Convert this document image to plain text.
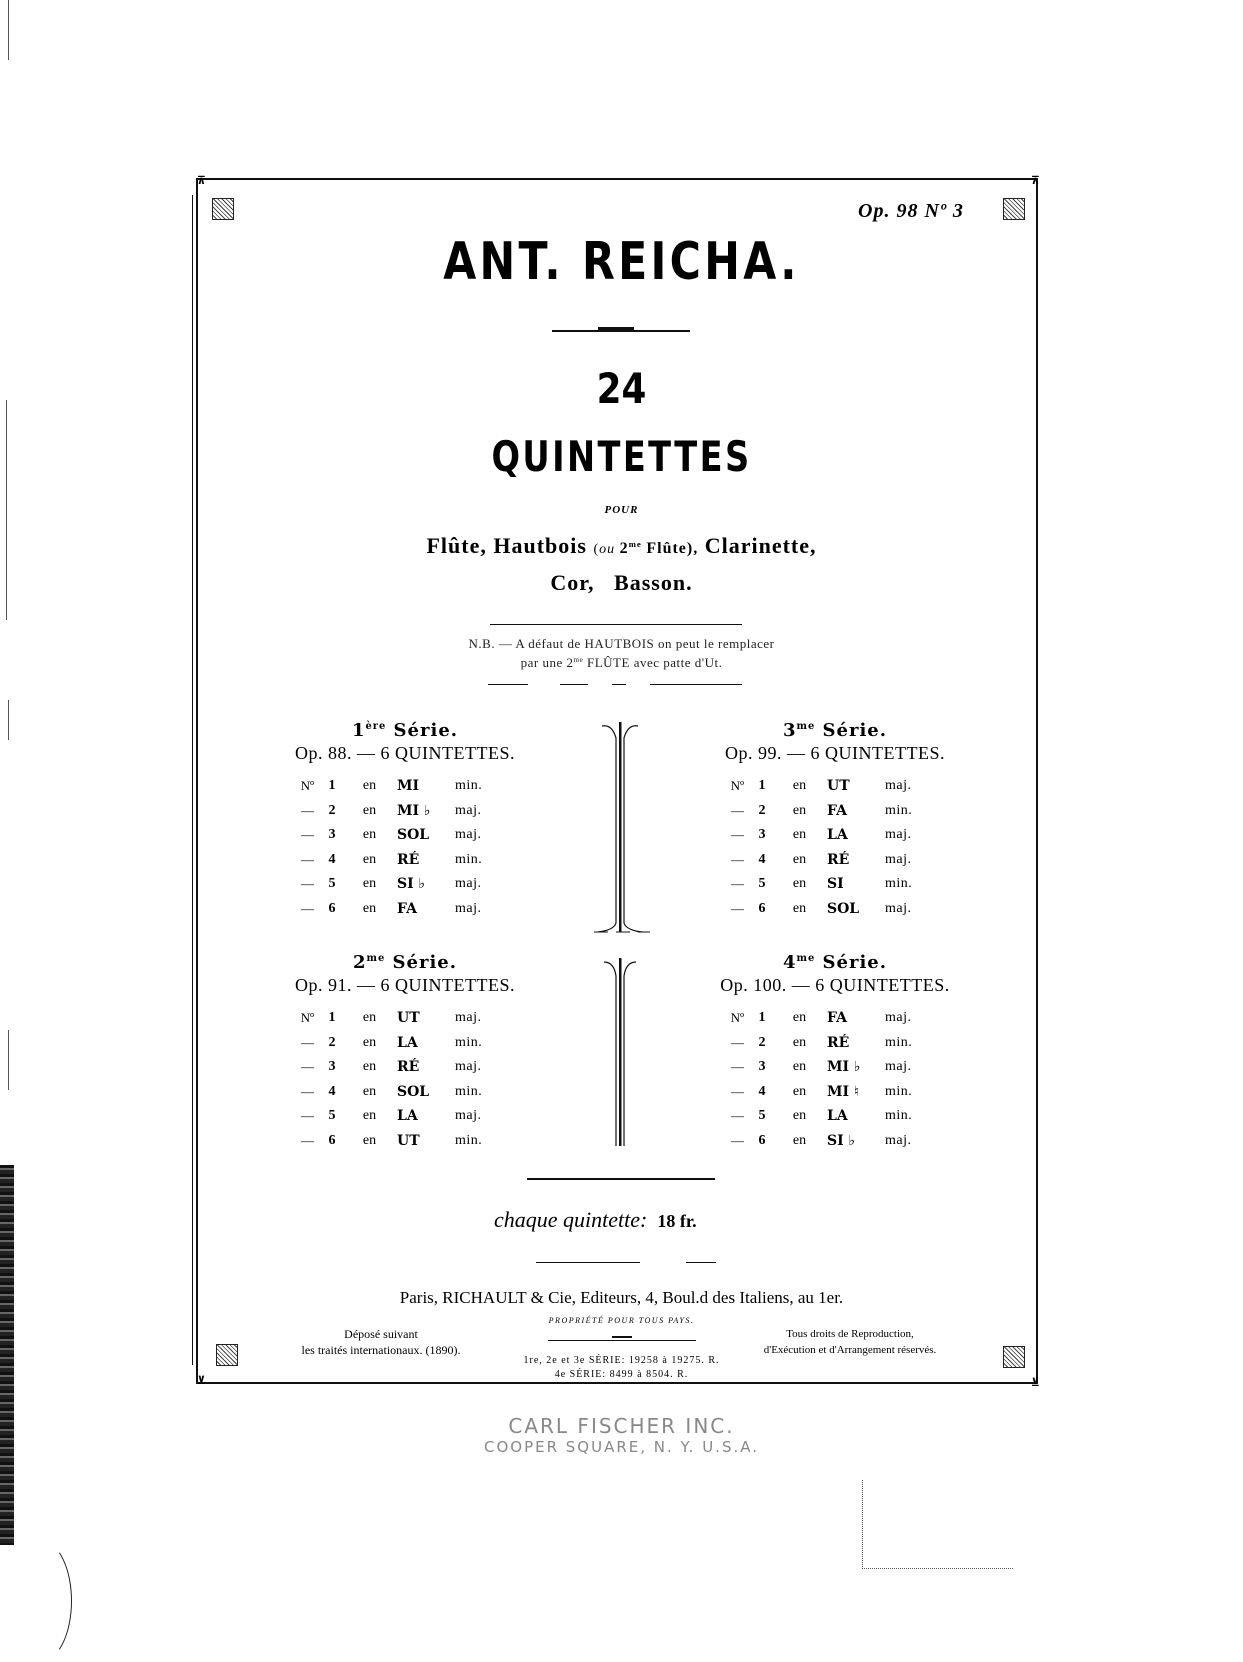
⊼	⊼
⊻	⊻
Op. 98 Nº 3
ANT. REICHA.
24
QUINTETTES
POUR
Flûte, Hautbois (ou $2^{me}$ Flûte), Clarinette,
Cor,   Basson.
N.B. — A défaut de HAUTBOIS on peut le remplacer
par une $2^{me}$ FLÛTE avec patte d'Ut.
1ère Série.
Op. 88. — 6 QUINTETTES.
Nº	1	en	MI	min.
—	2	en	MI ♭	maj.
—	3	en	SOL	maj.
—	4	en	RÉ	min.
—	5	en	SI ♭	maj.
—	6	en	FA	maj.
$3^{me}$ Série.
Op. 99. — 6 QUINTETTES.
Nº	1	en	UT	maj.
—	2	en	FA	min.
—	3	en	LA	maj.
—	4	en	RÉ	maj.
—	5	en	SI	min.
—	6	en	SOL	maj.
$2^{me}$ Série.
Op. 91. — 6 QUINTETTES.
Nº	1	en	UT	maj.
—	2	en	LA	min.
—	3	en	RÉ	maj.
—	4	en	SOL	min.
—	5	en	LA	maj.
—	6	en	UT	min.
$4^{me}$ Série.
Op. 100. — 6 QUINTETTES.
Nº	1	en	FA	maj.
—	2	en	RÉ	min.
—	3	en	MI ♭	maj.
—	4	en	MI ♮	min.
—	5	en	LA	min.
—	6	en	SI ♭	maj.
chaque quintette: 18 fr.
Paris, RICHAULT & Cie, Editeurs, 4, Boul.d des Italiens, au 1er.
PROPRIÉTÉ POUR TOUS PAYS.
Déposé suivant
les traités internationaux. (1890).
Tous droits de Reproduction,
d'Exécution et d'Arrangement réservés.
1re, 2e et 3e SÉRIE: 19258 à 19275. R.
4e SÉRIE: 8499 à 8504. R.
CARL FISCHER INC.
COOPER SQUARE, N. Y. U.S.A.
